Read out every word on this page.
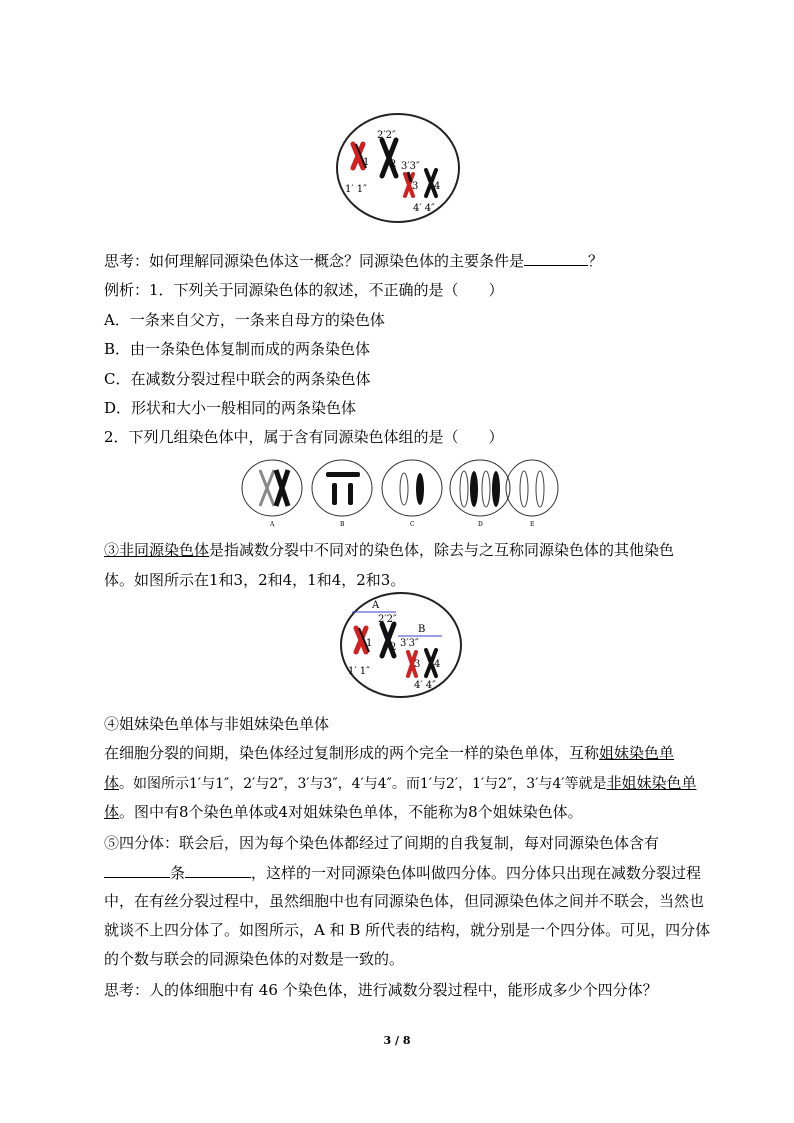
1 2
3 4
1′ 1″
2′2″
3′3″
4′ 4″
思考：如何理解同源染色体这一概念？同源染色体的主要条件是	？
例析：1．下列关于同源染色体的叙述，不正确的是（　　）
A．一条来自父方，一条来自母方的染色体
B．由一条染色体复制而成的两条染色体
C．在减数分裂过程中联会的两条染色体
D．形状和大小一般相同的两条染色体
2．下列几组染色体中，属于含有同源染色体组的是（　　）
A	B	C	D	E
③非同源染色体是指减数分裂中不同对的染色体，除去与之互称同源染色体的其他染色
体。如图所示在1和3，2和4，1和4，2和3。
A
B
1 2
3 4
1′ 1″
2′2″
3′3″
4′ 4″
④姐妹染色单体与非姐妹染色单体
在细胞分裂的间期，染色体经过复制形成的两个完全一样的染色单体，互称姐妹染色单
体。如图所示1′与1″，2′与2″，3′与3″，4′与4″。而1′与2′，1′与2″，3′与4′等就是非姐妹染色单
体。图中有8个染色单体或4对姐妹染色单体，不能称为8个姐妹染色体。
⑤四分体：联会后，因为每个染色体都经过了间期的自我复制，每对同源染色体含有
条	，这样的一对同源染色体叫做四分体。四分体只出现在减数分裂过程
中，在有丝分裂过程中，虽然细胞中也有同源染色体，但同源染色体之间并不联会，当然也
就谈不上四分体了。如图所示，A 和 B 所代表的结构，就分别是一个四分体。可见，四分体
的个数与联会的同源染色体的对数是一致的。
思考：人的体细胞中有 46 个染色体，进行减数分裂过程中，能形成多少个四分体？
3 / 8
